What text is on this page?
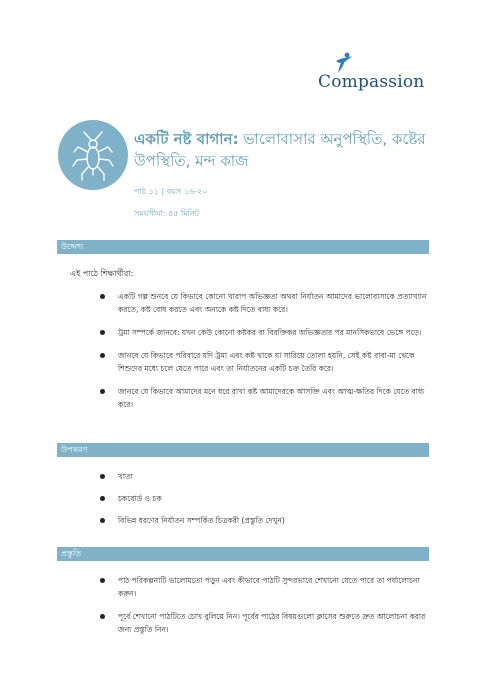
Compassion
একটি নষ্ট বাগান: ভালোবাসার অনুপস্থিতি, কষ্টের উপস্থিতি, মন্দ কাজ
পাঠ ১১ | বয়স ১৬-২০
সময়সীমা: ৫৫ মিনিট
উদ্দেশ্য
এই পাঠে শিক্ষার্থীরা:
একটি গল্প শুনবে যে কিভাবে কোনো খারাপ অভিজ্ঞতা অথবা নির্যাতন আমাদের ভালোবাসাকে প্রত্যাখ্যান করতে, কষ্ট বোধ করতে এবং অন্যকে কষ্ট দিতে বাধ্য করে।
ট্রমা সম্পর্কে জানবে: যখন কেউ কোনো কষ্টকর বা বিরক্তিকর অভিজ্ঞতার পর মানসিকভাবে ভেঙ্গে পড়ে।
জানবে যে কিভাবে পরিবারে যদি ট্রমা এবং কষ্ট থাকে যা সারিয়ে তোলা হয়নি, সেই কষ্ট বাবা-মা থেকে শিশুদের মধ্যে চলে যেতে পারে এবং তা নির্যাতনের একটি চক্র তৈরি করে।
জানবে যে কিভাবে আমাদের মনে ধরে রাখা কষ্ট আমাদেরকে আসক্তি এবং আত্ম-ক্ষতির দিকে যেতে বাধ্য করে।
উপকরণ
খাতা
চকবোর্ড ও চক
বিভিন্ন ধরণের নির্যাতন সম্পর্কিত চিত্রকরী (প্রস্তুতি দেখুন)
প্রস্তুতি
পাঠ পরিকল্পনাটি ভালোমতো পড়ুন এবং কীভাবে পাঠটি সুন্দরভাবে শেখানো যেতে পারে তা পর্যালোচনা করুন।
পূর্বে শেখানো পাঠটিতে চোখ বুলিয়ে নিন। পূর্বের পাঠের বিষয়গুলো ক্লাসের শুরুতে দ্রুত আলোচনা করার জন্য প্রস্তুতি নিন।
